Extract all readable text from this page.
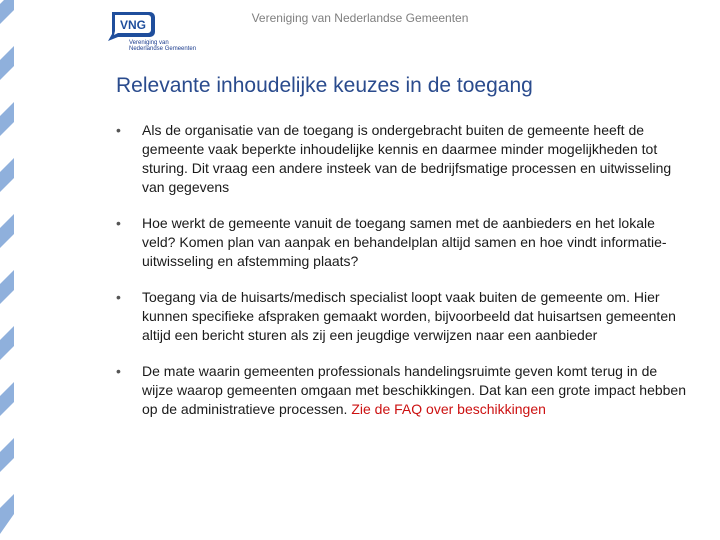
Vereniging van Nederlandse Gemeenten
VNG
Vereniging van
Nederlandse Gemeenten
Relevante inhoudelijke keuzes in de toegang
• Als de organisatie van de toegang is ondergebracht buiten de gemeente heeft de gemeente vaak beperkte inhoudelijke kennis en daarmee minder mogelijkheden tot sturing. Dit vraag een andere insteek van de bedrijfsmatige processen en uitwisseling van gegevens
• Hoe werkt de gemeente vanuit de toegang samen met de aanbieders en het lokale veld? Komen plan van aanpak en behandelplan altijd samen en hoe vindt informatie-uitwisseling en afstemming plaats?
• Toegang via de huisarts/medisch specialist loopt vaak buiten de gemeente om. Hier kunnen specifieke afspraken gemaakt worden, bijvoorbeeld dat huisartsen gemeenten altijd een bericht sturen als zij een jeugdige verwijzen naar een aanbieder
• De mate waarin gemeenten professionals handelingsruimte geven komt terug in de wijze waarop gemeenten omgaan met beschikkingen. Dat kan een grote impact hebben op de administratieve processen. Zie de FAQ over beschikkingen
